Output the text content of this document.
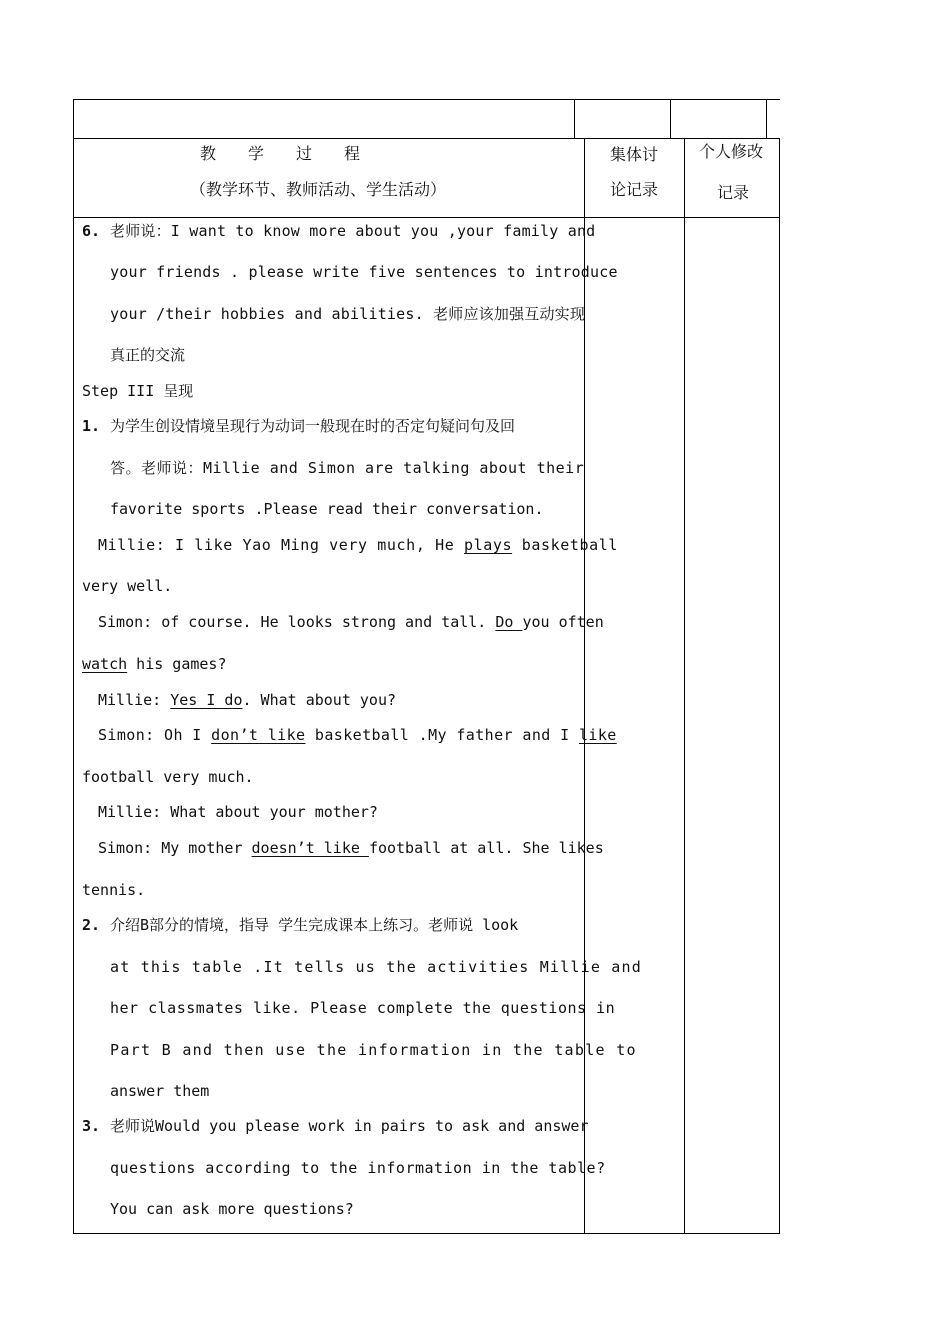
教　　学　　过　　程
（教学环节、教师活动、学生活动）
集体讨
论记录
个人修改
记录
6. 老师说：I want to know more about you ,your family and
your friends . please write five sentences to introduce
your /their hobbies and abilities. 老师应该加强互动实现
真正的交流
Step III 呈现
1. 为学生创设情境呈现行为动词一般现在时的否定句疑问句及回
答。老师说：Millie and Simon are talking about their
favorite sports .Please read their conversation.
Millie: I like Yao Ming very much, He plays basketball
very well.
Simon: of course. He looks strong and tall. Do you often
watch his games?
Millie: Yes I do. What about you?
Simon: Oh I don’t like basketball .My father and I like
football very much.
Millie: What about your mother?
Simon: My mother doesn’t like football at all. She likes
tennis.
2. 介绍B部分的情境，指导 学生完成课本上练习。老师说 look
at this table .It tells us the activities Millie and
her classmates like. Please complete the questions in
Part B and then use the information in the table to
answer them
3. 老师说Would you please work in pairs to ask and answer
questions according to the information in the table?
You can ask more questions?
